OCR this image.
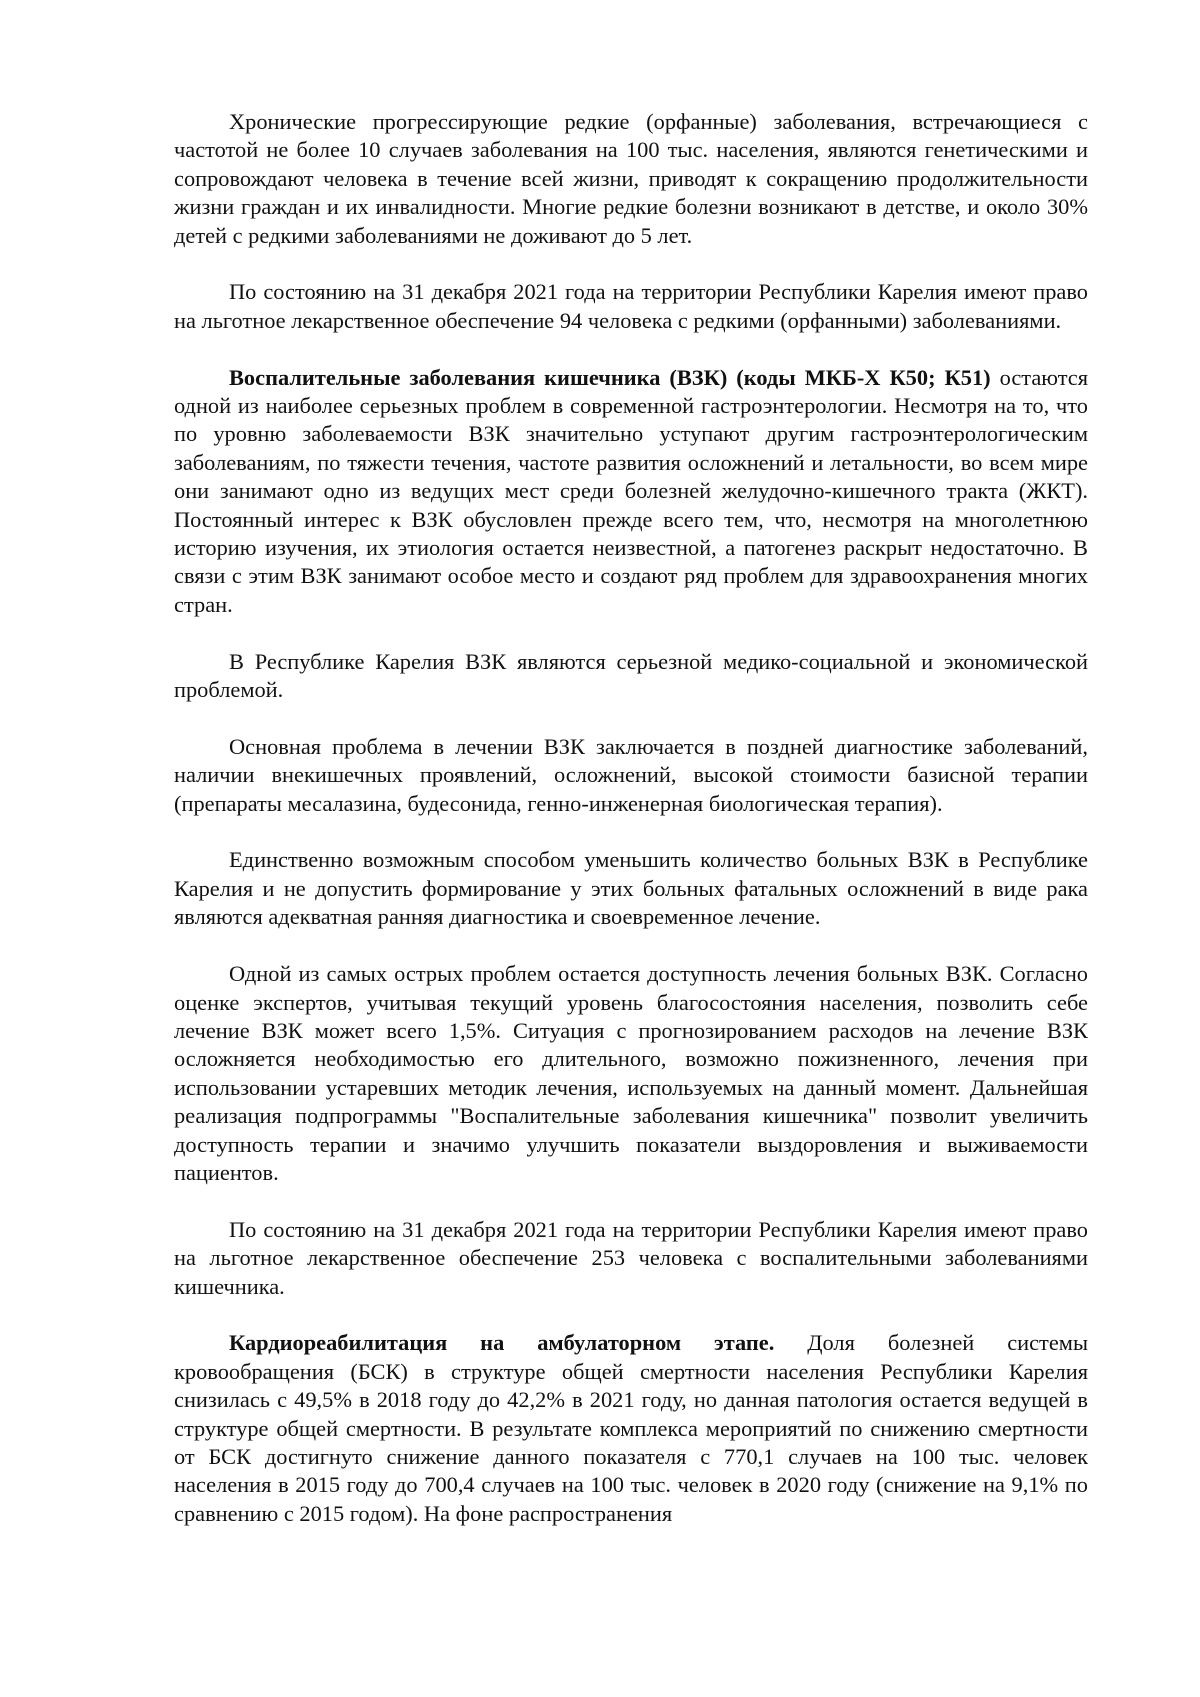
Хронические прогрессирующие редкие (орфанные) заболевания, встречающиеся с частотой не более 10 случаев заболевания на 100 тыс. населения, являются генетическими и сопровождают человека в течение всей жизни, приводят к сокращению продолжительности жизни граждан и их инвалидности. Многие редкие болезни возникают в детстве, и около 30% детей с редкими заболеваниями не доживают до 5 лет.

По состоянию на 31 декабря 2021 года на территории Республики Карелия имеют право на льготное лекарственное обеспечение 94 человека с редкими (орфанными) заболеваниями.

Воспалительные заболевания кишечника (ВЗК) (коды МКБ-Х К50; К51) остаются одной из наиболее серьезных проблем в современной гастроэнтерологии. Несмотря на то, что по уровню заболеваемости ВЗК значительно уступают другим гастроэнтерологическим заболеваниям, по тяжести течения, частоте развития осложнений и летальности, во всем мире они занимают одно из ведущих мест среди болезней желудочно-кишечного тракта (ЖКТ). Постоянный интерес к ВЗК обусловлен прежде всего тем, что, несмотря на многолетнюю историю изучения, их этиология остается неизвестной, а патогенез раскрыт недостаточно. В связи с этим ВЗК занимают особое место и создают ряд проблем для здравоохранения многих стран.

В Республике Карелия ВЗК являются серьезной медико-социальной и экономической проблемой.

Основная проблема в лечении ВЗК заключается в поздней диагностике заболеваний, наличии внекишечных проявлений, осложнений, высокой стоимости базисной терапии (препараты месалазина, будесонида, генно-инженерная биологическая терапия).

Единственно возможным способом уменьшить количество больных ВЗК в Республике Карелия и не допустить формирование у этих больных фатальных осложнений в виде рака являются адекватная ранняя диагностика и своевременное лечение.

Одной из самых острых проблем остается доступность лечения больных ВЗК. Согласно оценке экспертов, учитывая текущий уровень благосостояния населения, позволить себе лечение ВЗК может всего 1,5%. Ситуация с прогнозированием расходов на лечение ВЗК осложняется необходимостью его длительного, возможно пожизненного, лечения при использовании устаревших методик лечения, используемых на данный момент. Дальнейшая реализация подпрограммы "Воспалительные заболевания кишечника" позволит увеличить доступность терапии и значимо улучшить показатели выздоровления и выживаемости пациентов.

По состоянию на 31 декабря 2021 года на территории Республики Карелия имеют право на льготное лекарственное обеспечение 253 человека с воспалительными заболеваниями кишечника.

Кардиореабилитация на амбулаторном этапе. Доля болезней системы кровообращения (БСК) в структуре общей смертности населения Республики Карелия снизилась с 49,5% в 2018 году до 42,2% в 2021 году, но данная патология остается ведущей в структуре общей смертности. В результате комплекса мероприятий по снижению смертности от БСК достигнуто снижение данного показателя с 770,1 случаев на 100 тыс. человек населения в 2015 году до 700,4 случаев на 100 тыс. человек в 2020 году (снижение на 9,1% по сравнению с 2015 годом). На фоне распространения
